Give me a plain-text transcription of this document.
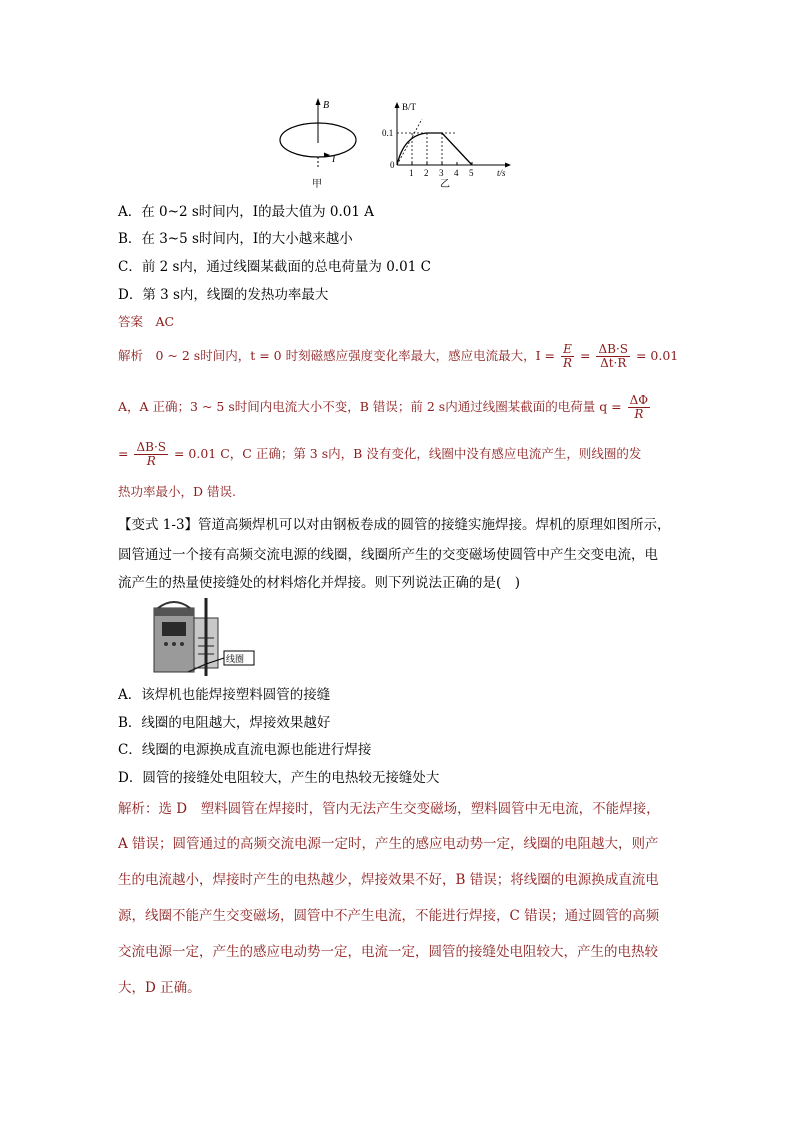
B
I
甲
B/T
0.1
0
1 2 3 4 5	t/s
乙
A．在 0~2 s时间内，I的最大值为 0.01 A
B．在 3~5 s时间内，I的大小越来越小
C．前 2 s内，通过线圈某截面的总电荷量为 0.01 C
D．第 3 s内，线圈的发热功率最大
答案　AC
解析　0 ~ 2 s时间内，t = 0 时刻磁感应强度变化率最大，感应电流最大，$I = \frac{E}{R} = \frac{\Delta B\cdot S}{\Delta t\cdot R} = 0.01$
A，A 正确；3 ~ 5 s时间内电流大小不变，B 错误；前 2 s内通过线圈某截面的电荷量 $q = \frac{\Delta\Phi}{R}$
= $\frac{\Delta B\cdot S}{R} = 0.01$ C，C 正确；第 3 s内，B 没有变化，线圈中没有感应电流产生，则线圈的发
热功率最小，D 错误.
【变式 1-3】管道高频焊机可以对由钢板卷成的圆管的接缝实施焊接。焊机的原理如图所示，
圆管通过一个接有高频交流电源的线圈，线圈所产生的交变磁场使圆管中产生交变电流，电
流产生的热量使接缝处的材料熔化并焊接。则下列说法正确的是(　)
线圈
A．该焊机也能焊接塑料圆管的接缝
B．线圈的电阻越大，焊接效果越好
C．线圈的电源换成直流电源也能进行焊接
D．圆管的接缝处电阻较大，产生的电热较无接缝处大
解析：选 D　塑料圆管在焊接时，管内无法产生交变磁场，塑料圆管中无电流，不能焊接，
A 错误；圆管通过的高频交流电源一定时，产生的感应电动势一定，线圈的电阻越大，则产
生的电流越小，焊接时产生的电热越少，焊接效果不好，B 错误；将线圈的电源换成直流电
源，线圈不能产生交变磁场，圆管中不产生电流，不能进行焊接，C 错误；通过圆管的高频
交流电源一定，产生的感应电动势一定，电流一定，圆管的接缝处电阻较大，产生的电热较
大，D 正确。
